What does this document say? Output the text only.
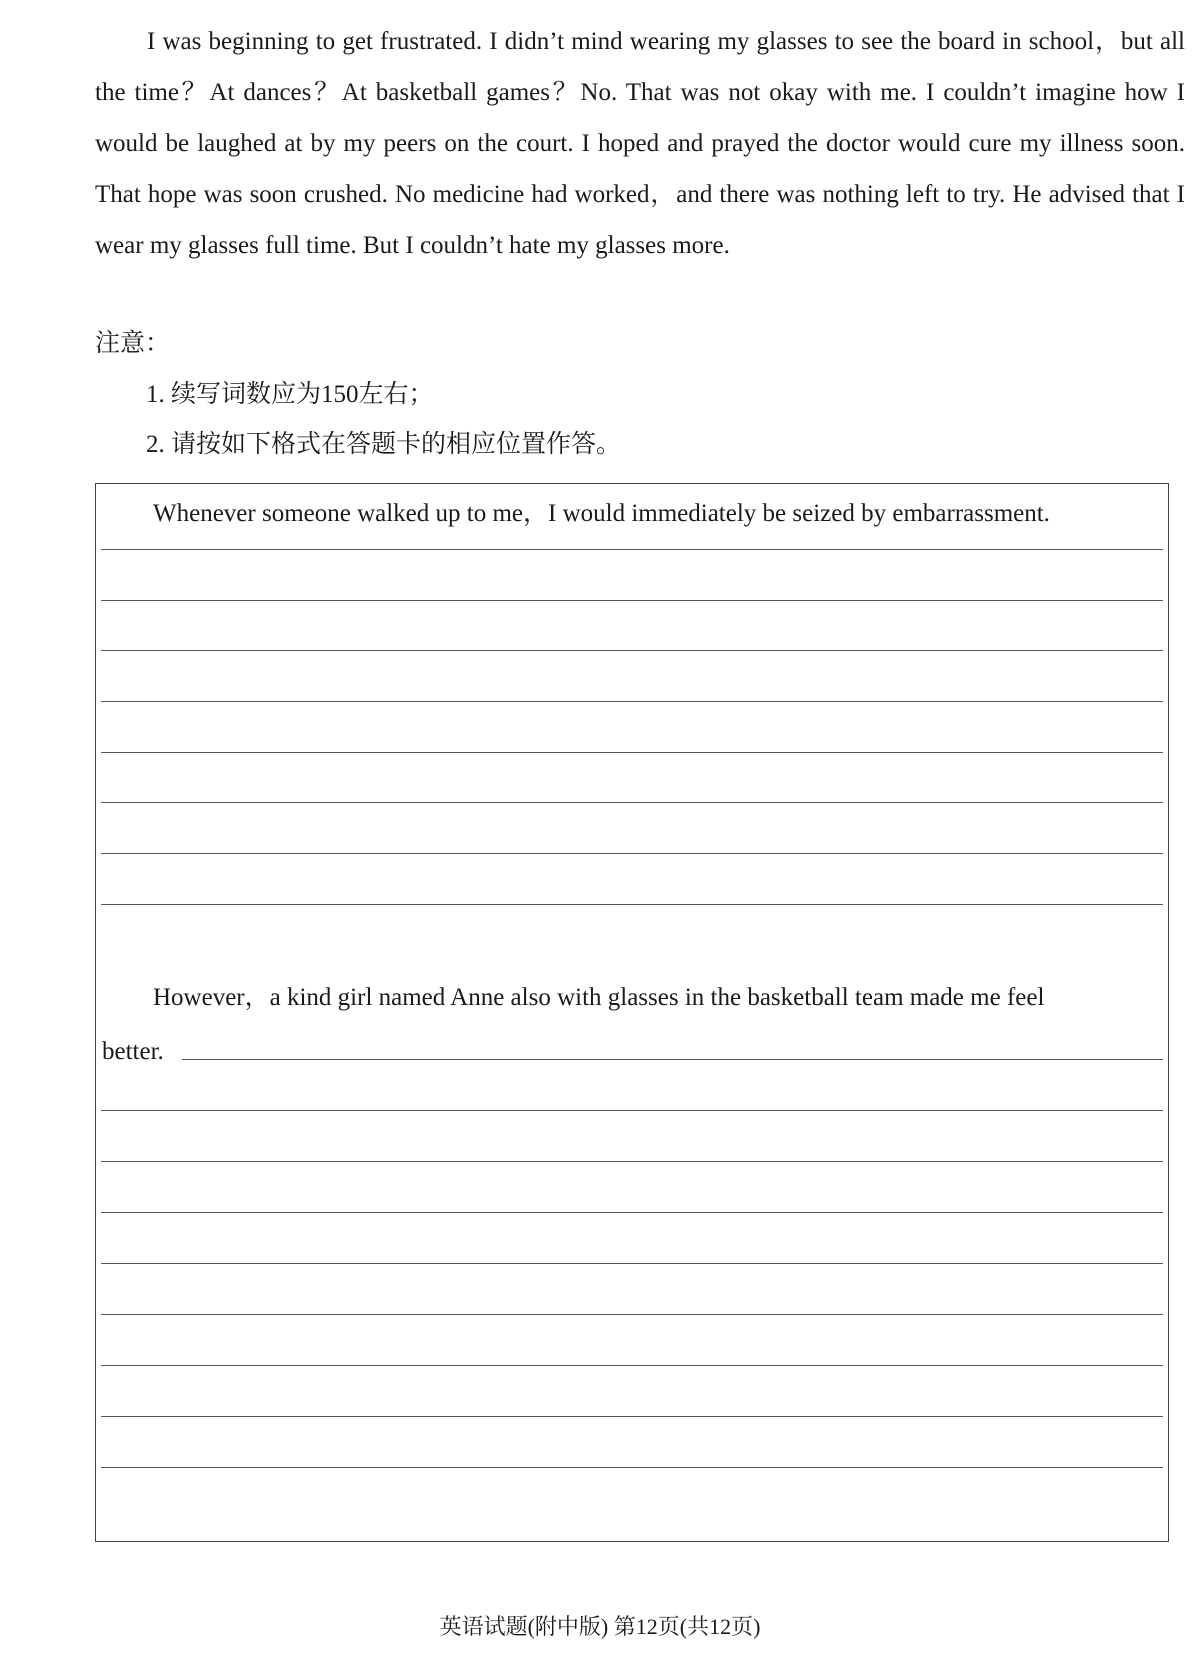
I was beginning to get frustrated. I didn’t mind wearing my glasses to see the board in school，but all the time？At dances？At basketball games？No. That was not okay with me. I couldn’t imagine how I would be laughed at by my peers on the court. I hoped and prayed the doctor would cure my illness soon. That hope was soon crushed. No medicine had worked，and there was nothing left to try. He advised that I wear my glasses full time. But I couldn’t hate my glasses more.

注意：
1. 续写词数应为150左右；
2. 请按如下格式在答题卡的相应位置作答。
Whenever someone walked up to me，I would immediately be seized by embarrassment.
However，a kind girl named Anne also with glasses in the basketball team made me feel
better.
英语试题(附中版) 第12页(共12页)
